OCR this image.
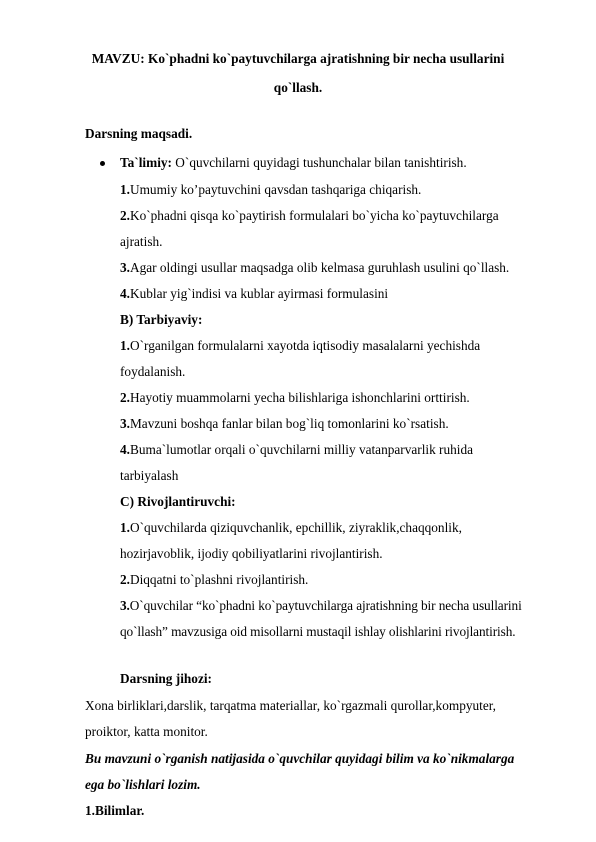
MAVZU: Ko`phadni ko`paytuvchilarga ajratishning bir necha usullarini
qo`llash.
Darsning maqsadi.
Ta`limiy: O`quvchilarni quyidagi tushunchalar bilan tanishtirish.
1.Umumiy ko’paytuvchini qavsdan tashqariga chiqarish.
2.Ko`phadni qisqa ko`paytirish formulalari bo`yicha ko`paytuvchilarga
ajratish.
3.Agar oldingi usullar maqsadga olib kelmasa guruhlash usulini qo`llash.
4.Kublar yig`indisi va kublar ayirmasi formulasini
B) Tarbiyaviy:
1.O`rganilgan formulalarni xayotda iqtisodiy masalalarni yechishda
foydalanish.
2.Hayotiy muammolarni yecha bilishlariga ishonchlarini orttirish.
3.Mavzuni boshqa fanlar bilan bog`liq tomonlarini ko`rsatish.
4.Buma`lumotlar orqali o`quvchilarni milliy vatanparvarlik ruhida
tarbiyalash
C) Rivojlantiruvchi:
1.O`quvchilarda qiziquvchanlik, epchillik, ziyraklik,chaqqonlik,
hozirjavoblik, ijodiy qobiliyatlarini rivojlantirish.
2.Diqqatni to`plashni rivojlantirish.
3.O`quvchilar “ko`phadni ko`paytuvchilarga ajratishning bir necha usullarini
qo`llash” mavzusiga oid misollarni mustaqil ishlay olishlarini rivojlantirish.
Darsning jihozi:
Xona birliklari,darslik, tarqatma materiallar, ko`rgazmali qurollar,kompyuter,
proiktor, katta monitor.
Bu mavzuni o`rganish natijasida o`quvchilar quyidagi bilim va ko`nikmalarga
ega bo`lishlari lozim.
1.Bilimlar.
